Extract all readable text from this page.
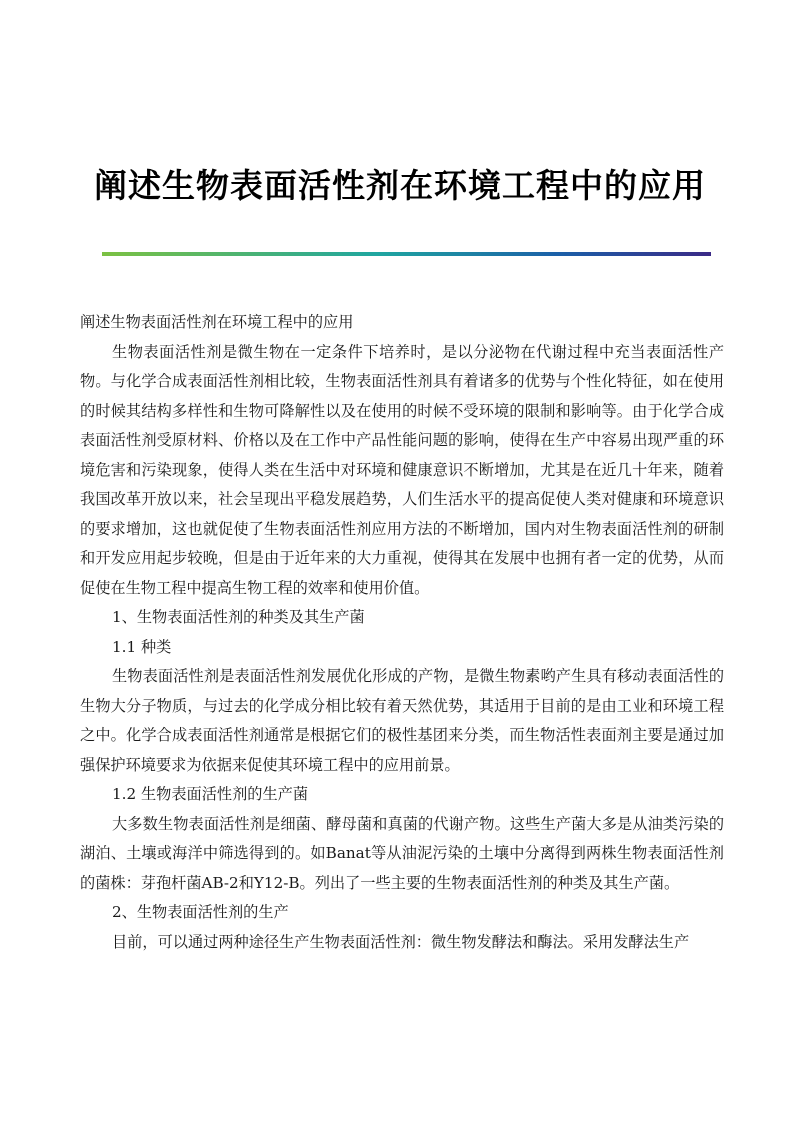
阐述生物表面活性剂在环境工程中的应用

阐述生物表面活性剂在环境工程中的应用

生物表面活性剂是微生物在一定条件下培养时，是以分泌物在代谢过程中充当表面活性产物。与化学合成表面活性剂相比较，生物表面活性剂具有着诸多的优势与个性化特征，如在使用的时候其结构多样性和生物可降解性以及在使用的时候不受环境的限制和影响等。由于化学合成表面活性剂受原材料、价格以及在工作中产品性能问题的影响，使得在生产中容易出现严重的环境危害和污染现象，使得人类在生活中对环境和健康意识不断增加，尤其是在近几十年来，随着我国改革开放以来，社会呈现出平稳发展趋势，人们生活水平的提高促使人类对健康和环境意识的要求增加，这也就促使了生物表面活性剂应用方法的不断增加，国内对生物表面活性剂的研制和开发应用起步较晚，但是由于近年来的大力重视，使得其在发展中也拥有者一定的优势，从而促使在生物工程中提高生物工程的效率和使用价值。

1、生物表面活性剂的种类及其生产菌

1.1 种类

生物表面活性剂是表面活性剂发展优化形成的产物，是微生物素哟产生具有移动表面活性的生物大分子物质，与过去的化学成分相比较有着天然优势，其适用于目前的是由工业和环境工程之中。化学合成表面活性剂通常是根据它们的极性基团来分类，而生物活性表面剂主要是通过加强保护环境要求为依据来促使其环境工程中的应用前景。

1.2 生物表面活性剂的生产菌

大多数生物表面活性剂是细菌、酵母菌和真菌的代谢产物。这些生产菌大多是从油类污染的湖泊、土壤或海洋中筛选得到的。如Banat等从油泥污染的土壤中分离得到两株生物表面活性剂的菌株：芽孢杆菌AB-2和Y12-B。列出了一些主要的生物表面活性剂的种类及其生产菌。

2、生物表面活性剂的生产

目前，可以通过两种途径生产生物表面活性剂：微生物发酵法和酶法。采用发酵法生产
